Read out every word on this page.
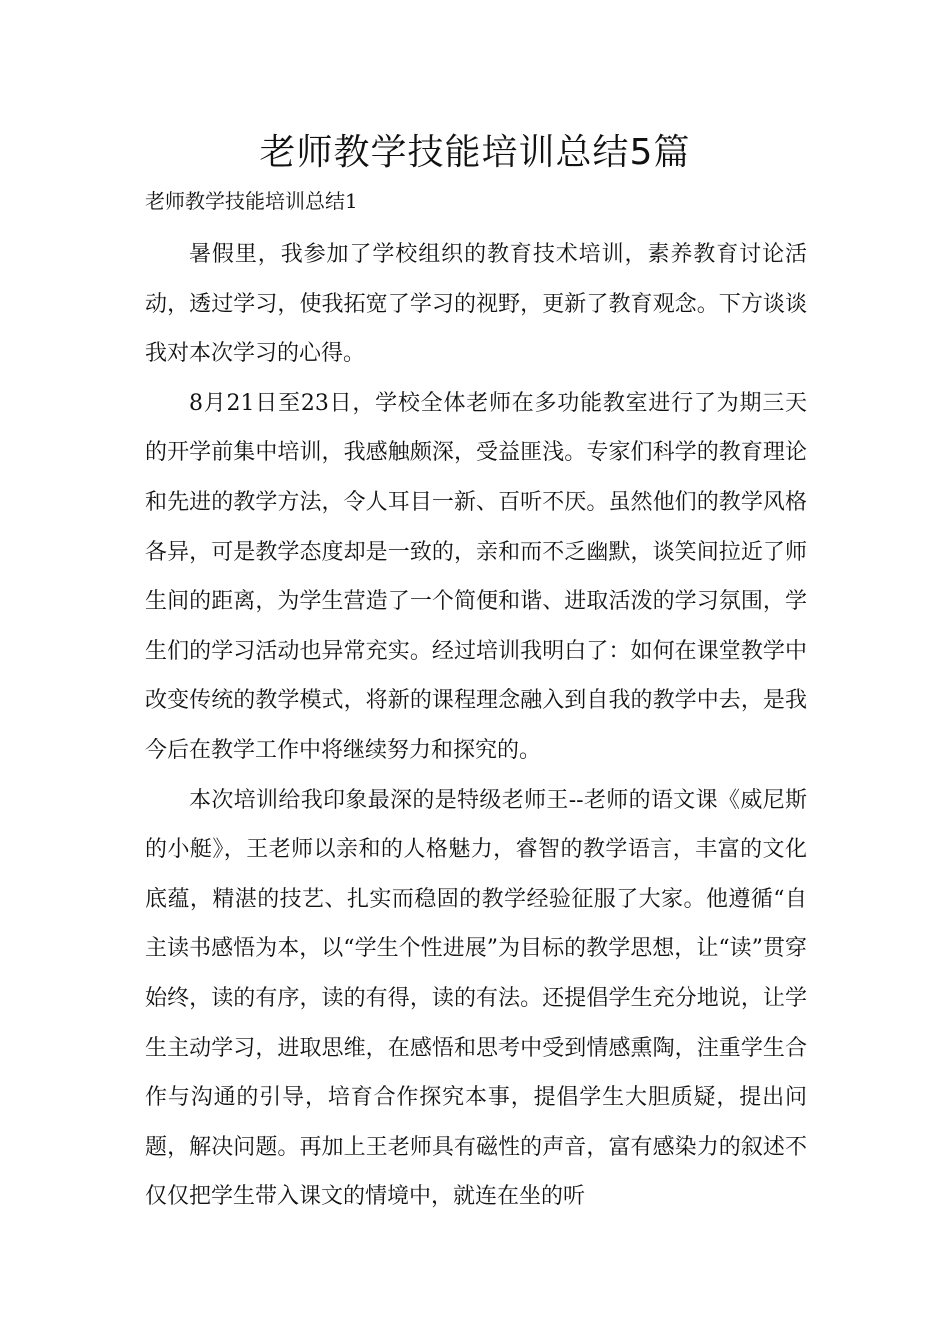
老师教学技能培训总结5篇

老师教学技能培训总结1

暑假里，我参加了学校组织的教育技术培训，素养教育讨论活动，透过学习，使我拓宽了学习的视野，更新了教育观念。下方谈谈我对本次学习的心得。

8月21日至23日，学校全体老师在多功能教室进行了为期三天的开学前集中培训，我感触颇深，受益匪浅。专家们科学的教育理论和先进的教学方法，令人耳目一新、百听不厌。虽然他们的教学风格各异，可是教学态度却是一致的，亲和而不乏幽默，谈笑间拉近了师生间的距离，为学生营造了一个简便和谐、进取活泼的学习氛围，学生们的学习活动也异常充实。经过培训我明白了：如何在课堂教学中改变传统的教学模式，将新的课程理念融入到自我的教学中去，是我今后在教学工作中将继续努力和探究的。

本次培训给我印象最深的是特级老师王--老师的语文课《威尼斯的小艇》，王老师以亲和的人格魅力，睿智的教学语言，丰富的文化底蕴，精湛的技艺、扎实而稳固的教学经验征服了大家。他遵循“自主读书感悟为本，以“学生个性进展”为目标的教学思想，让“读”贯穿始终，读的有序，读的有得，读的有法。还提倡学生充分地说，让学生主动学习，进取思维，在感悟和思考中受到情感熏陶，注重学生合作与沟通的引导，培育合作探究本事，提倡学生大胆质疑，提出问题，解决问题。再加上王老师具有磁性的声音，富有感染力的叙述不仅仅把学生带入课文的情境中，就连在坐的听
